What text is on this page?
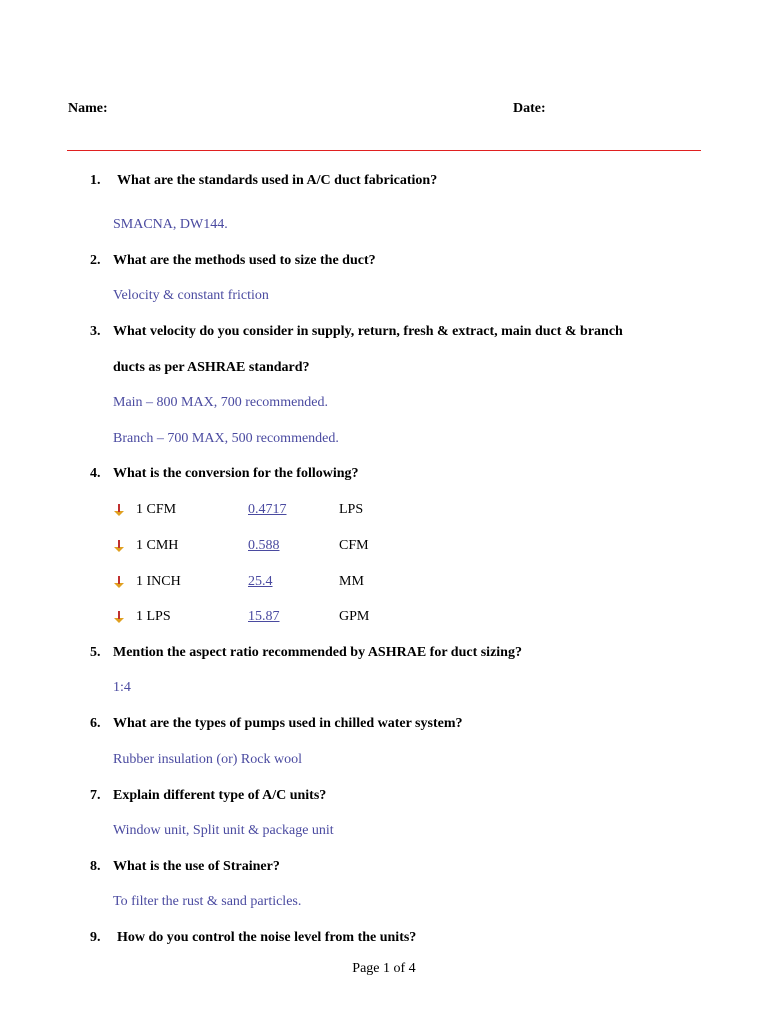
Name:	Date:
1. What are the standards used in A/C duct fabrication?
SMACNA, DW144.
2. What are the methods used to size the duct?
Velocity & constant friction
3. What velocity do you consider in supply, return, fresh & extract, main duct & branch
ducts as per ASHRAE standard?
Main – 800 MAX, 700 recommended.
Branch – 700 MAX, 500 recommended.
4. What is the conversion for the following?
1 CFM	0.4717	LPS
1 CMH	0.588	CFM
1 INCH	25.4	MM
1 LPS	15.87	GPM
5. Mention the aspect ratio recommended by ASHRAE for duct sizing?
1:4
6. What are the types of pumps used in chilled water system?
Rubber insulation (or) Rock wool
7. Explain different type of A/C units?
Window unit, Split unit & package unit
8. What is the use of Strainer?
To filter the rust & sand particles.
9. How do you control the noise level from the units?
Page 1 of 4
